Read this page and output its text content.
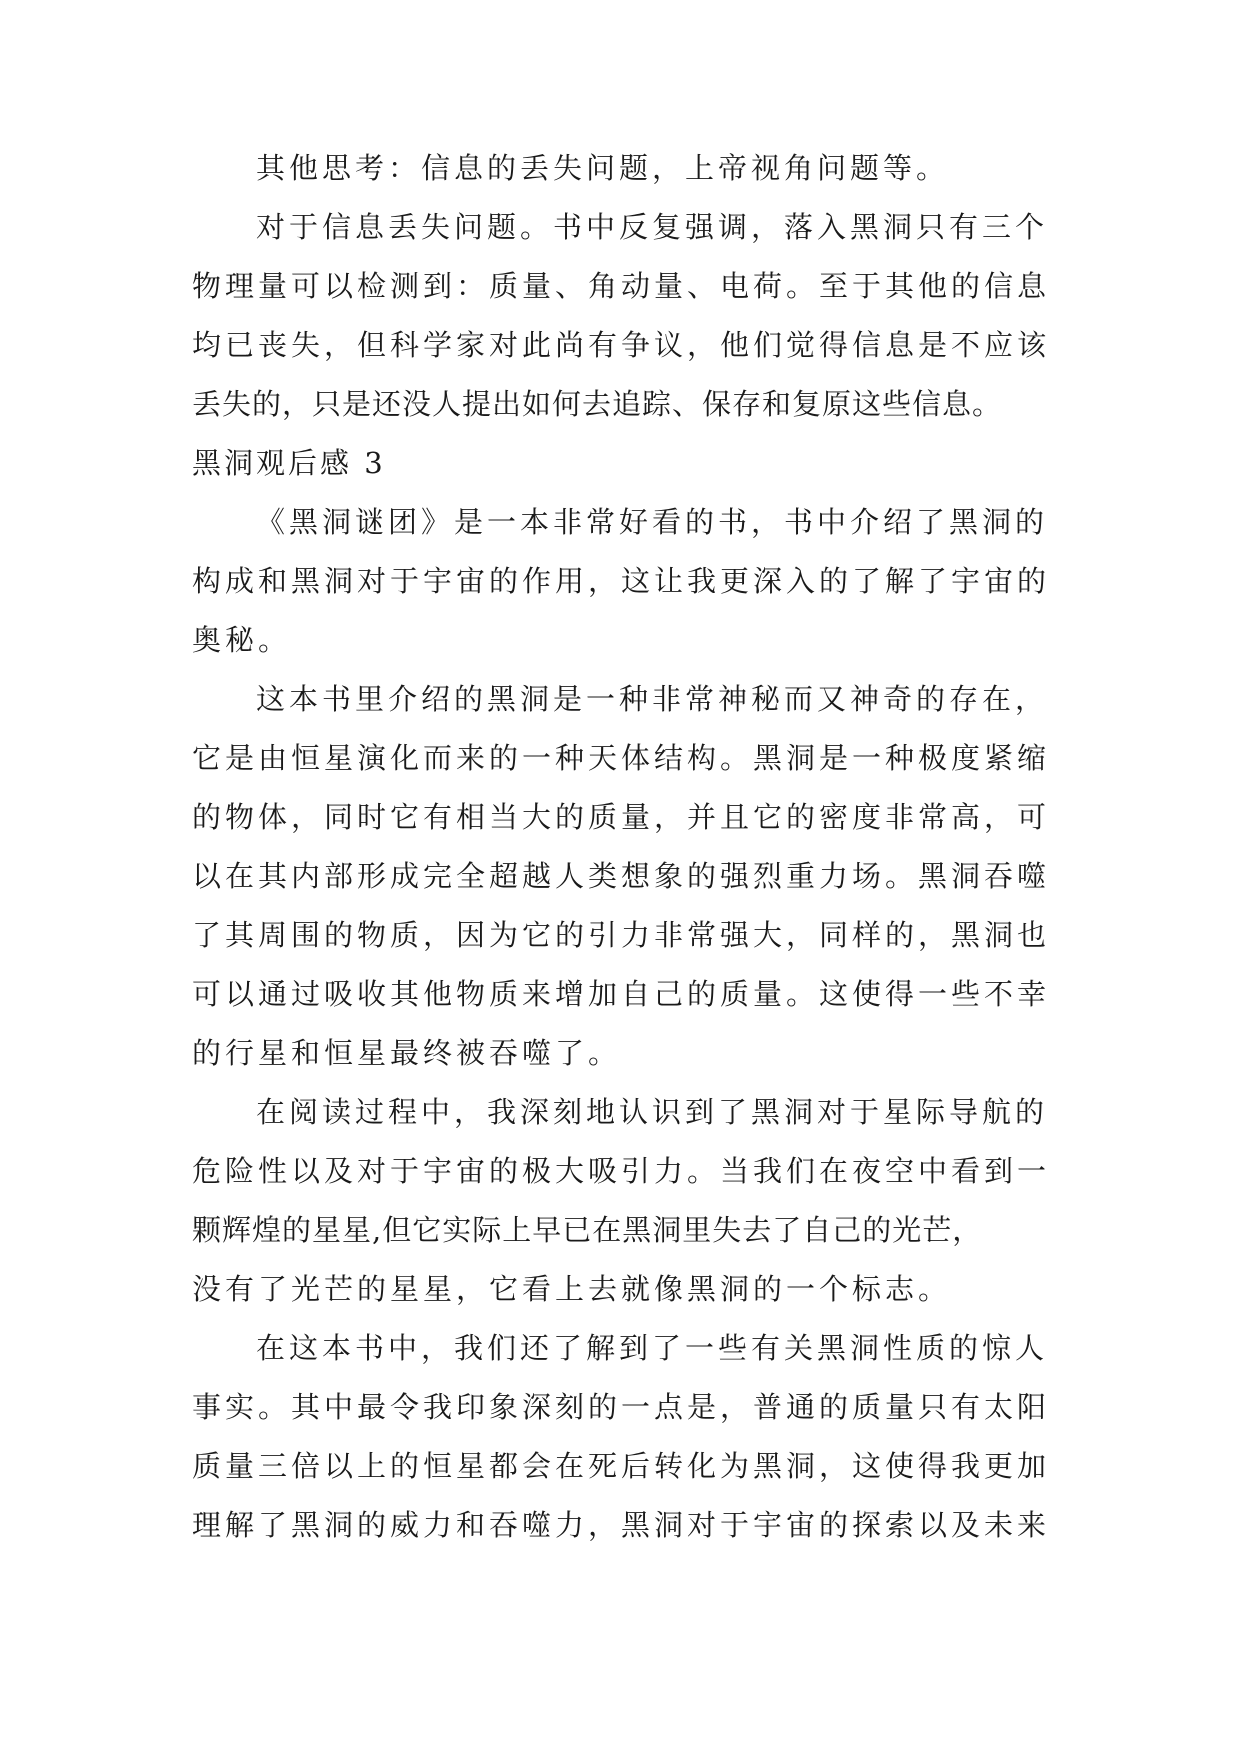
其他思考：信息的丢失问题，上帝视角问题等。
对于信息丢失问题。书中反复强调，落入黑洞只有三个
物理量可以检测到：质量、角动量、电荷。至于其他的信息
均已丧失，但科学家对此尚有争议，他们觉得信息是不应该
丢失的，只是还没人提出如何去追踪、保存和复原这些信息。
黑洞观后感 3
《黑洞谜团》是一本非常好看的书，书中介绍了黑洞的
构成和黑洞对于宇宙的作用，这让我更深入的了解了宇宙的
奥秘。
这本书里介绍的黑洞是一种非常神秘而又神奇的存在，
它是由恒星演化而来的一种天体结构。黑洞是一种极度紧缩
的物体，同时它有相当大的质量，并且它的密度非常高，可
以在其内部形成完全超越人类想象的强烈重力场。黑洞吞噬
了其周围的物质，因为它的引力非常强大，同样的，黑洞也
可以通过吸收其他物质来增加自己的质量。这使得一些不幸
的行星和恒星最终被吞噬了。
在阅读过程中，我深刻地认识到了黑洞对于星际导航的
危险性以及对于宇宙的极大吸引力。当我们在夜空中看到一
颗辉煌的星星,但它实际上早已在黑洞里失去了自己的光芒，
没有了光芒的星星，它看上去就像黑洞的一个标志。
在这本书中，我们还了解到了一些有关黑洞性质的惊人
事实。其中最令我印象深刻的一点是，普通的质量只有太阳
质量三倍以上的恒星都会在死后转化为黑洞，这使得我更加
理解了黑洞的威力和吞噬力，黑洞对于宇宙的探索以及未来
